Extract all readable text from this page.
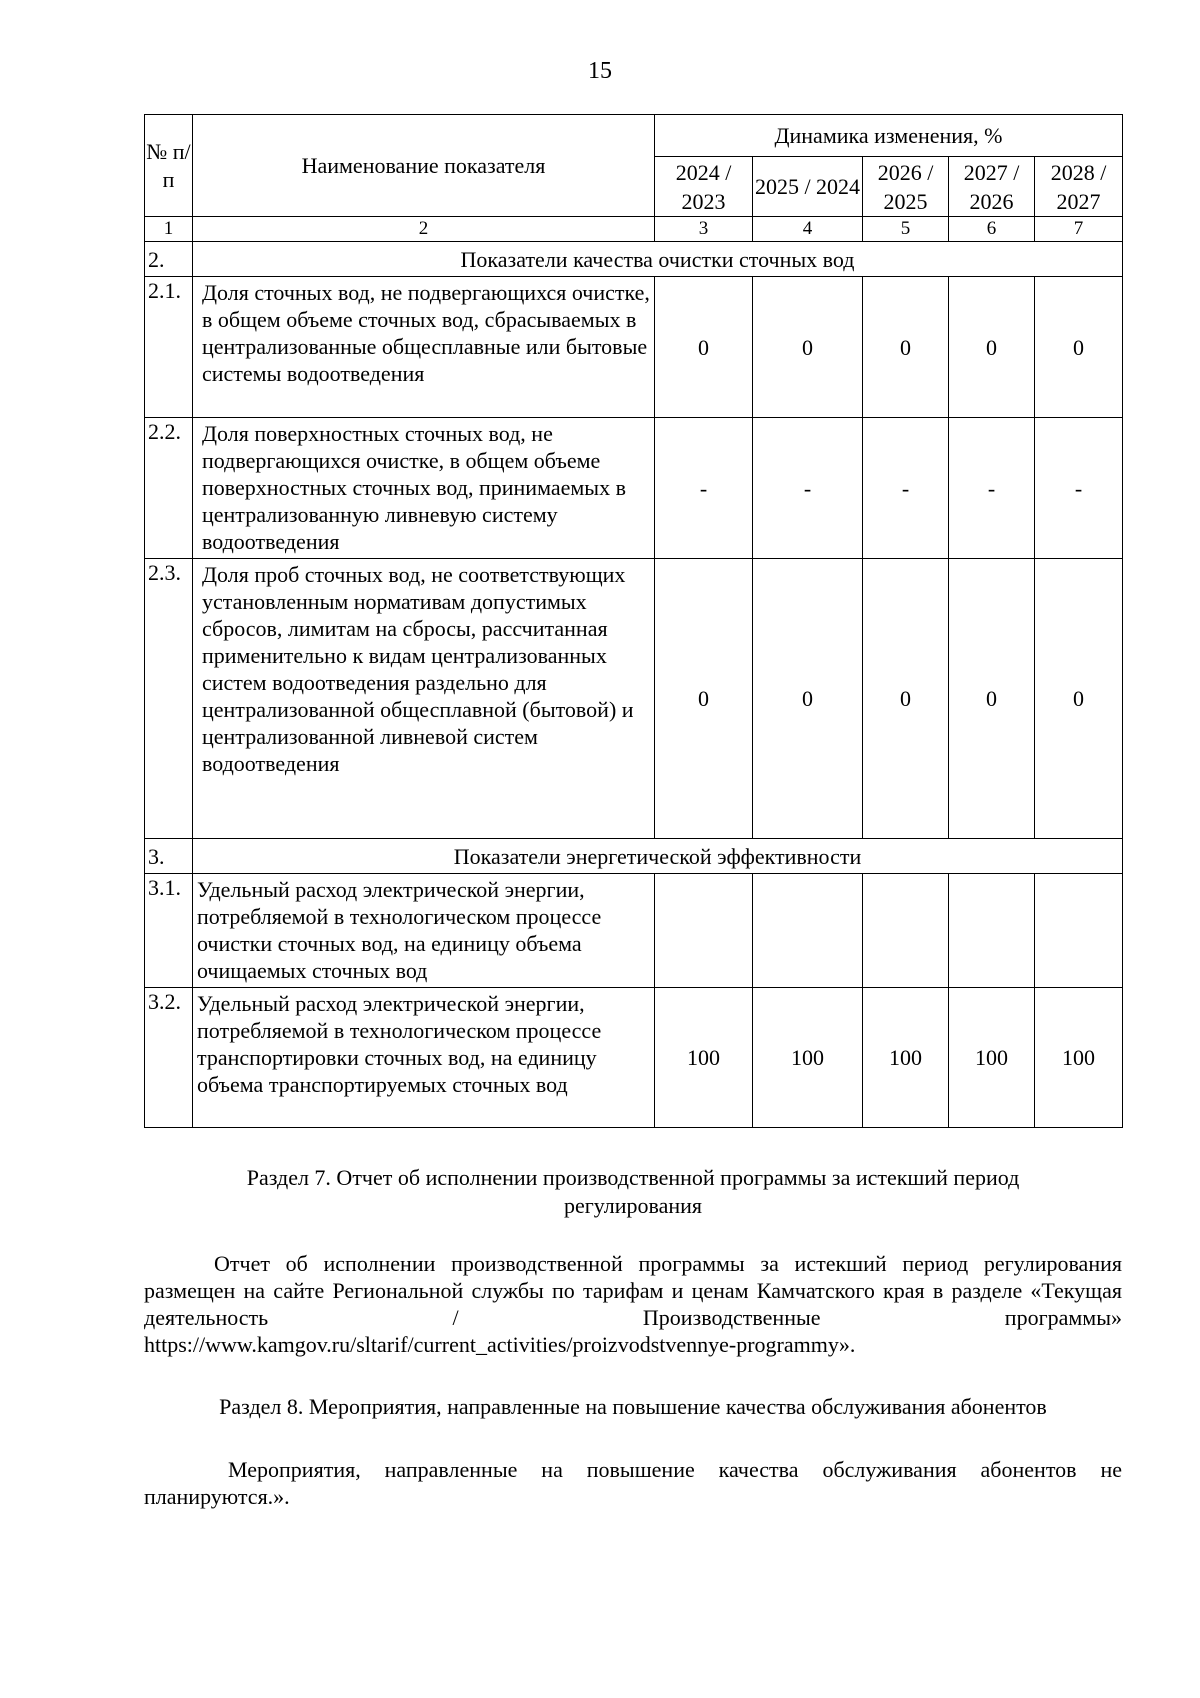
15
№ п/п	Наименование показателя	Динамика изменения, %				
		2024 / 2023	2025 / 2024	2026 / 2025	2027 / 2026	2028 / 2027
1	2	3	4	5	6	7
2.	Показатели качества очистки сточных вод					
2.1.	Доля сточных вод, не подвергающихся очистке, в общем объеме сточных вод, сбрасываемых в централизованные общесплавные или бытовые системы водоотведения	0	0	0	0	0
2.2.	Доля поверхностных сточных вод, не подвергающихся очистке, в общем объеме поверхностных сточных вод, принимаемых в централизованную ливневую систему водоотведения	-	-	-	-	-
2.3.	Доля проб сточных вод, не соответствующих установленным нормативам допустимых сбросов, лимитам на сбросы, рассчитанная применительно к видам централизованных систем водоотведения раздельно для централизованной общесплавной (бытовой) и централизованной ливневой систем водоотведения	0	0	0	0	0
3.	Показатели энергетической эффективности					
3.1.	Удельный расход электрической энергии, потребляемой в технологическом процессе очистки сточных вод, на единицу объема очищаемых сточных вод					
3.2.	Удельный расход электрической энергии, потребляемой в технологическом процессе транспортировки сточных вод, на единицу объема транспортируемых сточных вод	100	100	100	100	100
Раздел 7. Отчет об исполнении производственной программы за истекший период регулирования
Отчет об исполнении производственной программы за истекший период регулирования размещен на сайте Региональной службы по тарифам и ценам Камчатского края в разделе «Текущая деятельность / Производственные программы» https://www.kamgov.ru/sltarif/current_activities/proizvodstvennye-programmy».
Раздел 8. Мероприятия, направленные на повышение качества обслуживания абонентов
Мероприятия, направленные на повышение качества обслуживания абонентов не планируются.».
